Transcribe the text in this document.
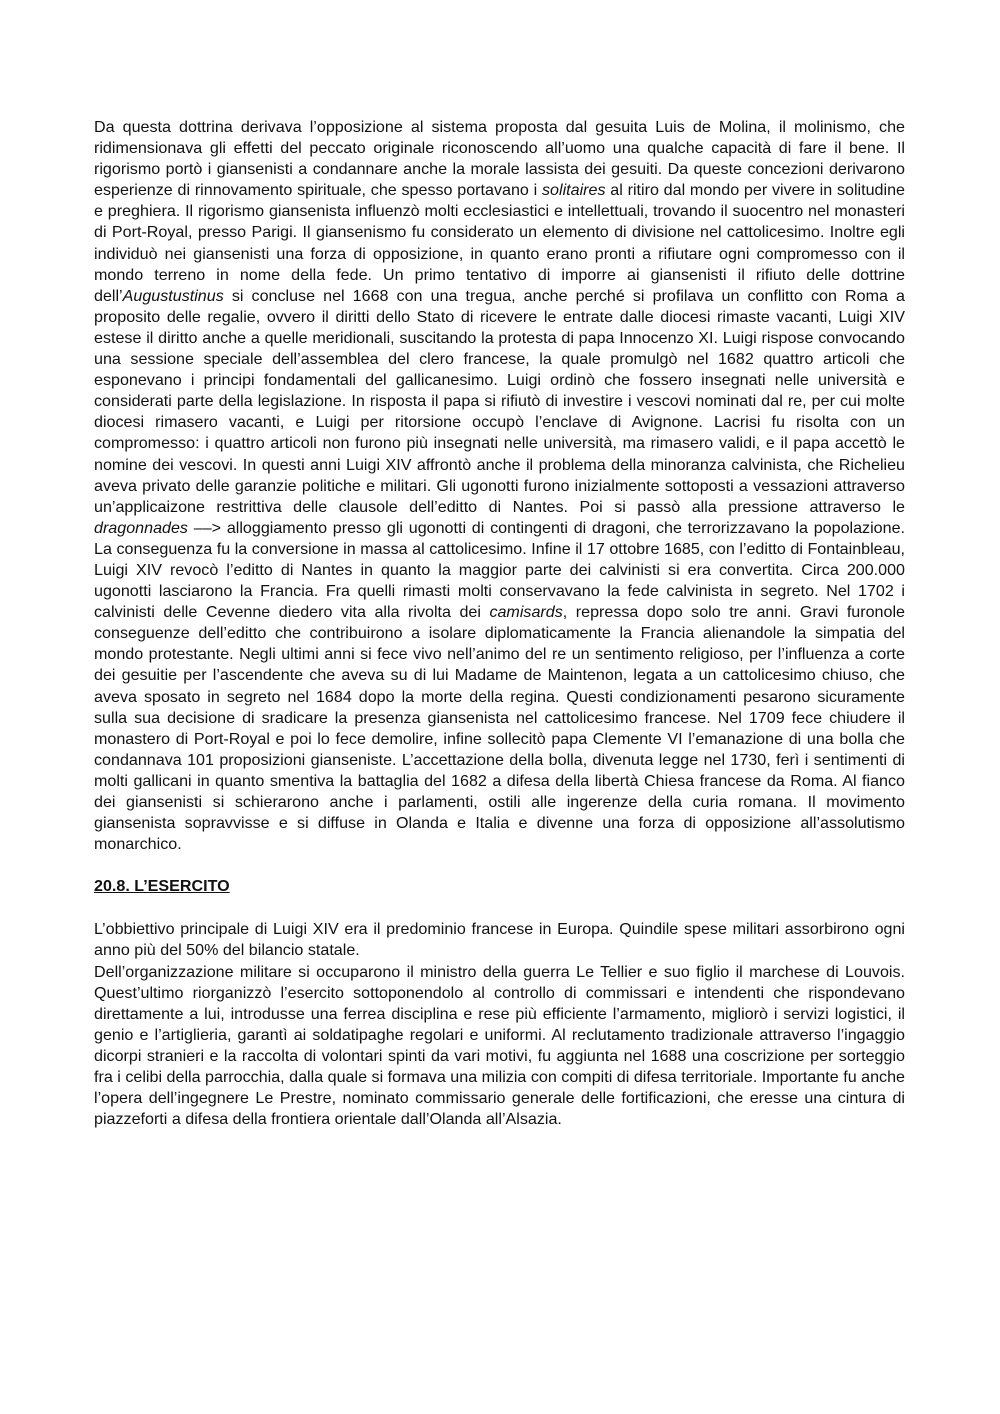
Da questa dottrina derivava l’opposizione al sistema proposta dal gesuita Luis de Molina, il molinismo, che ridimensionava gli effetti del peccato originale riconoscendo all’uomo una qualche capacità di fare il bene. Il rigorismo portò i giansenisti a condannare anche la morale lassista dei gesuiti. Da queste concezioni derivarono esperienze di rinnovamento spirituale, che spesso portavano i solitaires al ritiro dal mondo per vivere in solitudine e preghiera. Il rigorismo giansenista influenzò molti ecclesiastici e intellettuali, trovando il suocentro nel monasteri di Port-Royal, presso Parigi. Il giansenismo fu considerato un elemento di divisione nel cattolicesimo. Inoltre egli individuò nei giansenisti una forza di opposizione, in quanto erano pronti a rifiutare ogni compromesso con il mondo terreno in nome della fede. Un primo tentativo di imporre ai giansenisti il rifiuto delle dottrine dell’Augustustinus si concluse nel 1668 con una tregua, anche perché si profilava un conflitto con Roma a proposito delle regalie, ovvero il diritti dello Stato di ricevere le entrate dalle diocesi rimaste vacanti, Luigi XIV estese il diritto anche a quelle meridionali, suscitando la protesta di papa Innocenzo XI. Luigi rispose convocando una sessione speciale dell’assemblea del clero francese, la quale promulgò nel 1682 quattro articoli che esponevano i principi fondamentali del gallicanesimo. Luigi ordinò che fossero insegnati nelle università e considerati parte della legislazione. In risposta il papa si rifiutò di investire i vescovi nominati dal re, per cui molte diocesi rimasero vacanti, e Luigi per ritorsione occupò l’enclave di Avignone. Lacrisi fu risolta con un compromesso: i quattro articoli non furono più insegnati nelle università, ma rimasero validi, e il papa accettò le nomine dei vescovi. In questi anni Luigi XIV affrontò anche il problema della minoranza calvinista, che Richelieu aveva privato delle garanzie politiche e militari. Gli ugonotti furono inizialmente sottoposti a vessazioni attraverso un’applicaizone restrittiva delle clausole dell’editto di Nantes. Poi si passò alla pressione attraverso le dragonnades ––> alloggiamento presso gli ugonotti di contingenti di dragoni, che terrorizzavano la popolazione. La conseguenza fu la conversione in massa al cattolicesimo. Infine il 17 ottobre 1685, con l’editto di Fontainbleau, Luigi XIV revocò l’editto di Nantes in quanto la maggior parte dei calvinisti si era convertita. Circa 200.000 ugonotti lasciarono la Francia. Fra quelli rimasti molti conservavano la fede calvinista in segreto. Nel 1702 i calvinisti delle Cevenne diedero vita alla rivolta dei camisards, repressa dopo solo tre anni. Gravi furonole conseguenze dell’editto che contribuirono a isolare diplomaticamente la Francia alienandole la simpatia del mondo protestante. Negli ultimi anni si fece vivo nell’animo del re un sentimento religioso, per l’influenza a corte dei gesuitie per l’ascendente che aveva su di lui Madame de Maintenon, legata a un cattolicesimo chiuso, che aveva sposato in segreto nel 1684 dopo la morte della regina. Questi condizionamenti pesarono sicuramente sulla sua decisione di sradicare la presenza giansenista nel cattolicesimo francese. Nel 1709 fece chiudere il monastero di Port-Royal e poi lo fece demolire, infine sollecitò papa Clemente VI l’emanazione di una bolla che condannava 101 proposizioni gianseniste. L’accettazione della bolla, divenuta legge nel 1730, ferì i sentimenti di molti gallicani in quanto smentiva la battaglia del 1682 a difesa della libertà Chiesa francese da Roma. Al fianco dei giansenisti si schierarono anche i parlamenti, ostili alle ingerenze della curia romana. Il movimento giansenista sopravvisse e si diffuse in Olanda e Italia e divenne una forza di opposizione all’assolutismo monarchico.

20.8. L’ESERCITO

L’obbiettivo principale di Luigi XIV era il predominio francese in Europa. Quindile spese militari assorbirono ogni anno più del 50% del bilancio statale.

Dell’organizzazione militare si occuparono il ministro della guerra Le Tellier e suo figlio il marchese di Louvois. Quest’ultimo riorganizzò l’esercito sottoponendolo al controllo di commissari e intendenti che rispondevano direttamente a lui, introdusse una ferrea disciplina e rese più efficiente l’armamento, migliorò i servizi logistici, il genio e l’artiglieria, garantì ai soldatipaghe regolari e uniformi. Al reclutamento tradizionale attraverso l’ingaggio dicorpi stranieri e la raccolta di volontari spinti da vari motivi, fu aggiunta nel 1688 una coscrizione per sorteggio fra i celibi della parrocchia, dalla quale si formava una milizia con compiti di difesa territoriale. Importante fu anche l’opera dell’ingegnere Le Prestre, nominato commissario generale delle fortificazioni, che eresse una cintura di piazzeforti a difesa della frontiera orientale dall’Olanda all’Alsazia.
